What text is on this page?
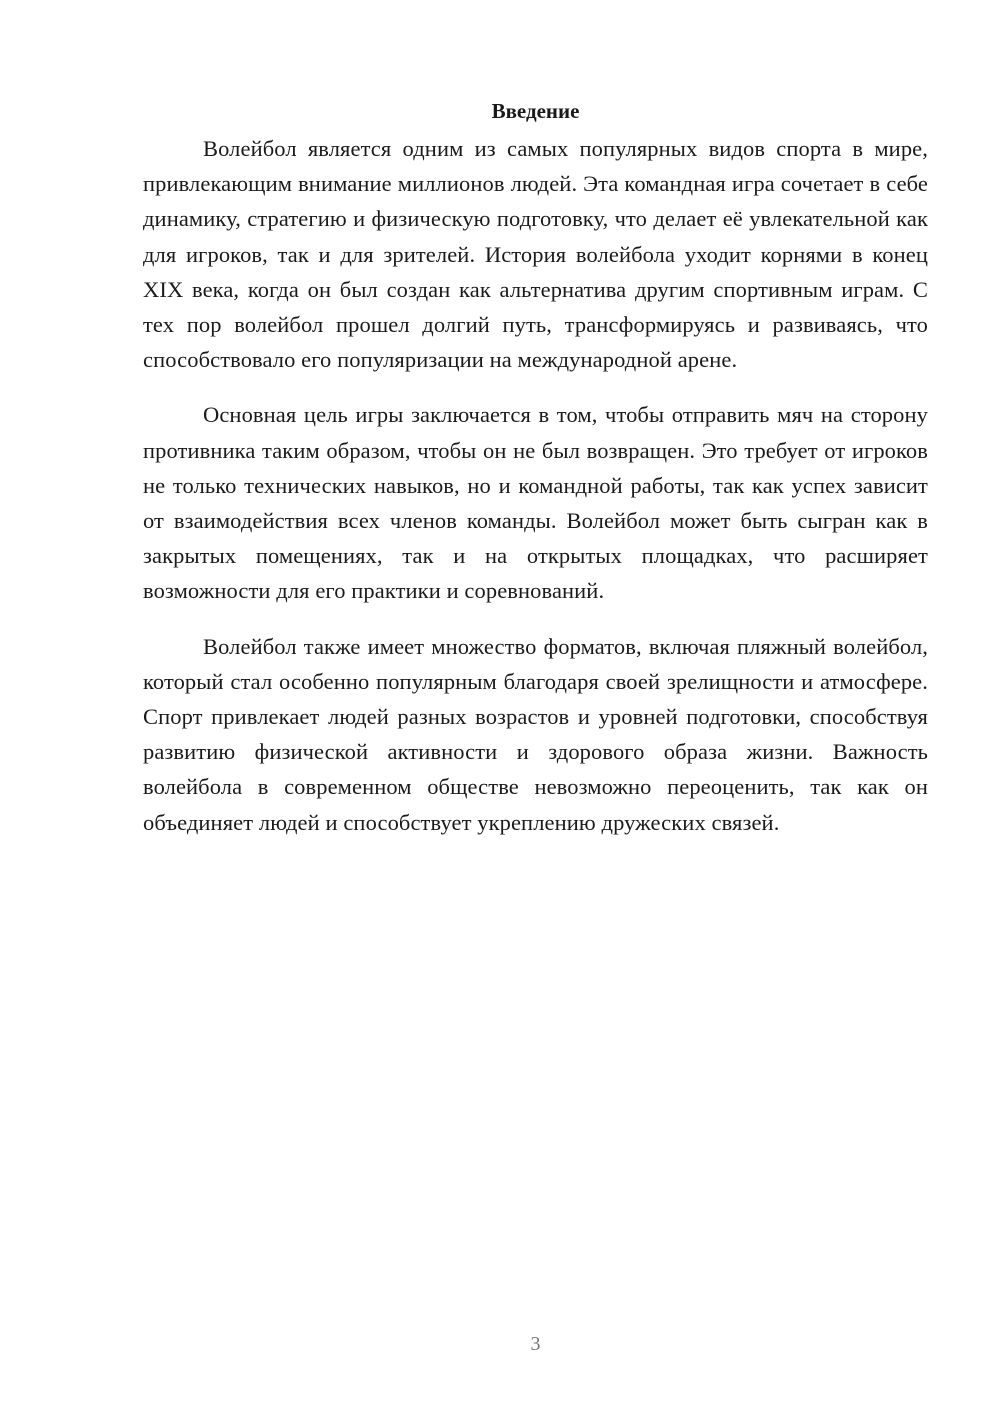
Введение

Волейбол является одним из самых популярных видов спорта в мире, привлекающим внимание миллионов людей. Эта командная игра сочетает в себе динамику, стратегию и физическую подготовку, что делает её увлекательной как для игроков, так и для зрителей. История волейбола уходит корнями в конец XIX века, когда он был создан как альтернатива другим спортивным играм. С тех пор волейбол прошел долгий путь, трансформируясь и развиваясь, что способствовало его популяризации на международной арене.

Основная цель игры заключается в том, чтобы отправить мяч на сторону противника таким образом, чтобы он не был возвращен. Это требует от игроков не только технических навыков, но и командной работы, так как успех зависит от взаимодействия всех членов команды. Волейбол может быть сыгран как в закрытых помещениях, так и на открытых площадках, что расширяет возможности для его практики и соревнований.

Волейбол также имеет множество форматов, включая пляжный волейбол, который стал особенно популярным благодаря своей зрелищности и атмосфере. Спорт привлекает людей разных возрастов и уровней подготовки, способствуя развитию физической активности и здорового образа жизни. Важность волейбола в современном обществе невозможно переоценить, так как он объединяет людей и способствует укреплению дружеских связей.

3
